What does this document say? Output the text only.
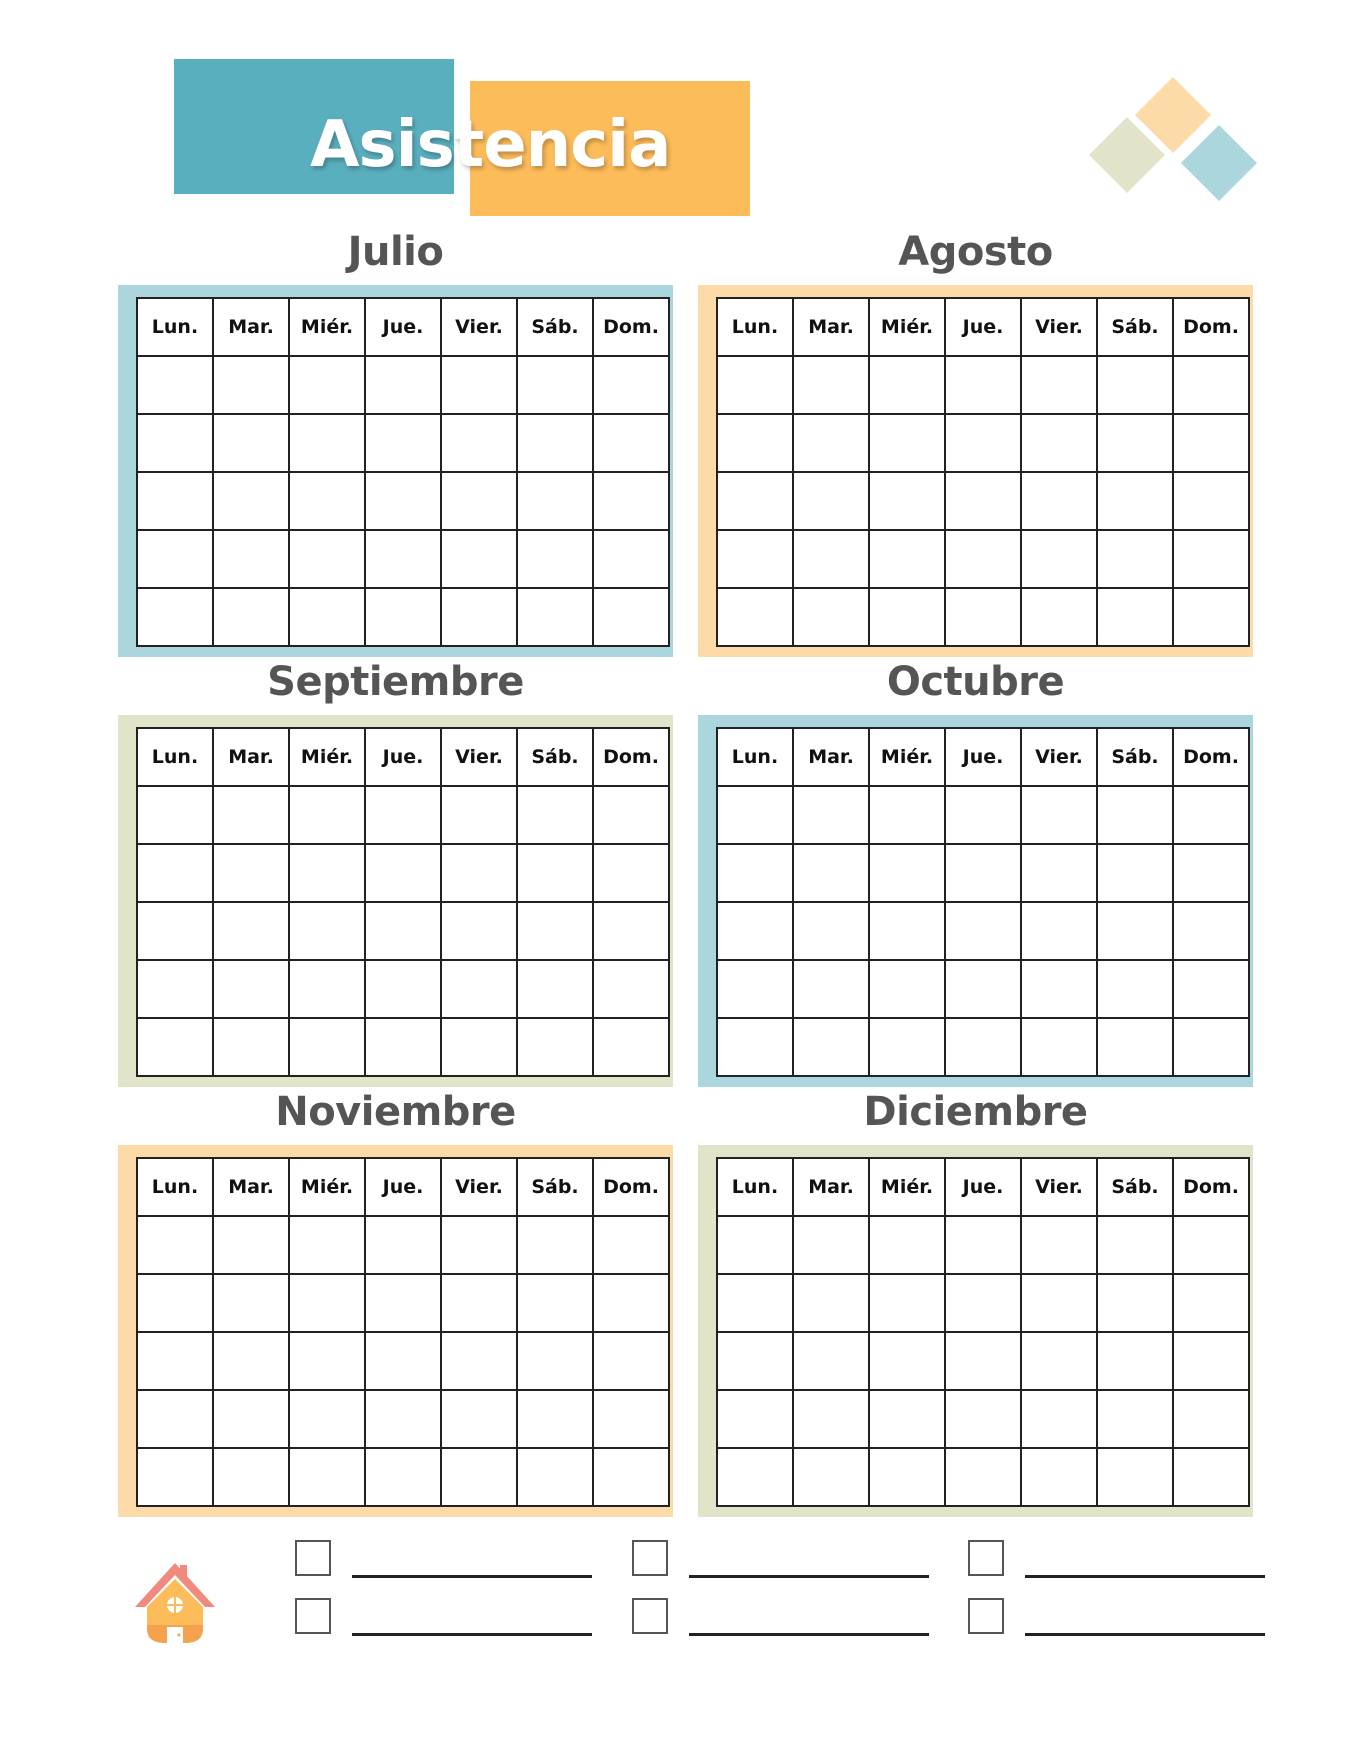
Asistencia
Julio
Lun.	Mar.	Miér.	Jue.	Vier.	Sáb.	Dom.

Agosto
Lun.	Mar.	Miér.	Jue.	Vier.	Sáb.	Dom.

Septiembre
Lun.	Mar.	Miér.	Jue.	Vier.	Sáb.	Dom.

Octubre
Lun.	Mar.	Miér.	Jue.	Vier.	Sáb.	Dom.

Noviembre
Lun.	Mar.	Miér.	Jue.	Vier.	Sáb.	Dom.

Diciembre
Lun.	Mar.	Miér.	Jue.	Vier.	Sáb.	Dom.
